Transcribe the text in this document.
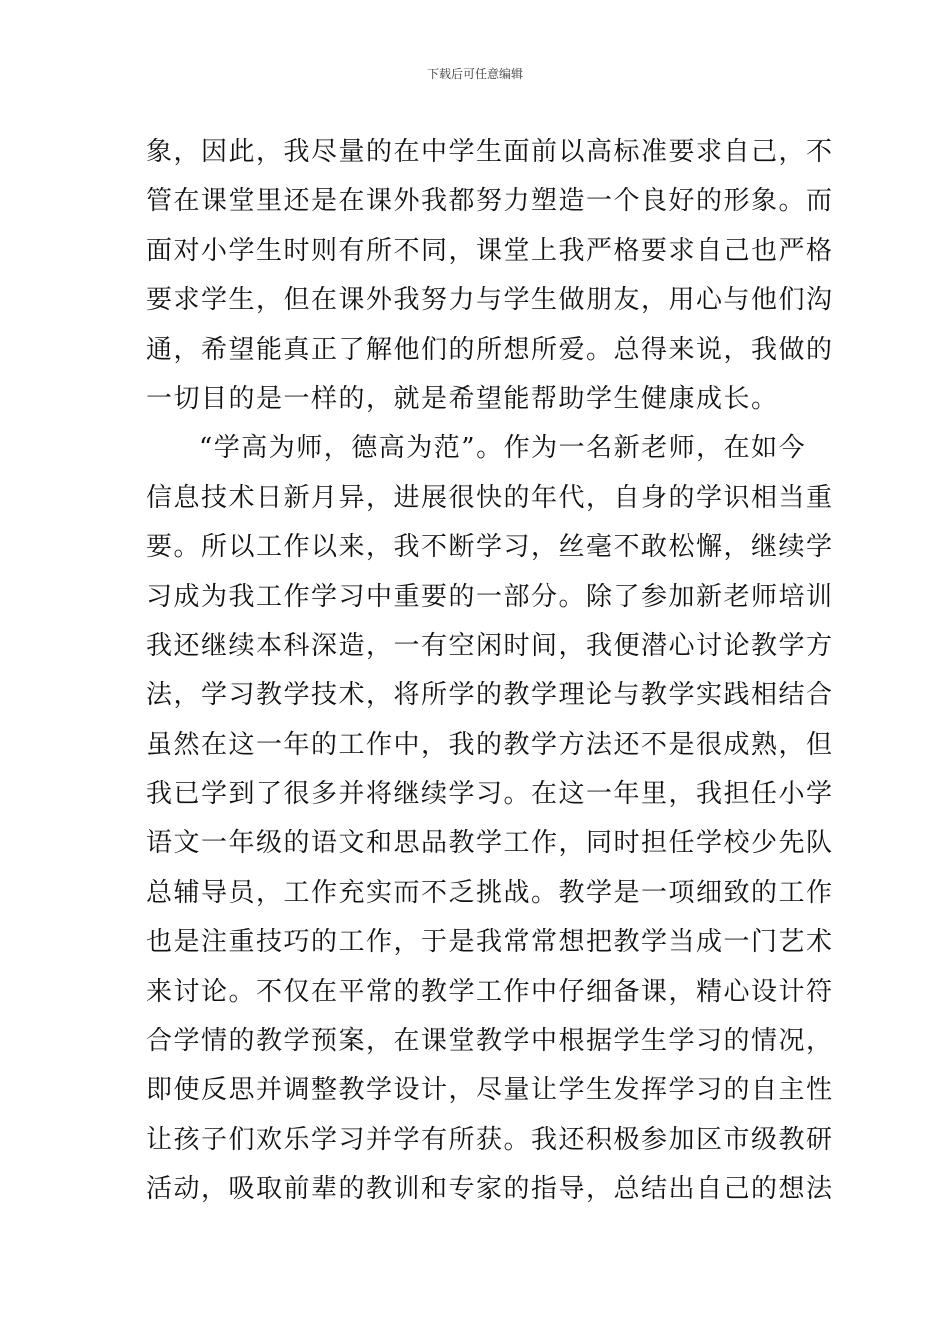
下载后可任意编辑
象，因此，我尽量的在中学生面前以高标准要求自己，不
管在课堂里还是在课外我都努力塑造一个良好的形象。而
面对小学生时则有所不同，课堂上我严格要求自己也严格
要求学生，但在课外我努力与学生做朋友，用心与他们沟
通，希望能真正了解他们的所想所爱。总得来说，我做的
一切目的是一样的，就是希望能帮助学生健康成长。
“学高为师，德高为范”。作为一名新老师，在如今
信息技术日新月异，进展很快的年代，自身的学识相当重
要。所以工作以来，我不断学习，丝毫不敢松懈，继续学
习成为我工作学习中重要的一部分。除了参加新老师培训
我还继续本科深造，一有空闲时间，我便潜心讨论教学方
法，学习教学技术，将所学的教学理论与教学实践相结合
虽然在这一年的工作中，我的教学方法还不是很成熟，但
我已学到了很多并将继续学习。在这一年里，我担任小学
语文一年级的语文和思品教学工作，同时担任学校少先队
总辅导员，工作充实而不乏挑战。教学是一项细致的工作
也是注重技巧的工作，于是我常常想把教学当成一门艺术
来讨论。不仅在平常的教学工作中仔细备课，精心设计符
合学情的教学预案，在课堂教学中根据学生学习的情况，
即使反思并调整教学设计，尽量让学生发挥学习的自主性
让孩子们欢乐学习并学有所获。我还积极参加区市级教研
活动，吸取前辈的教训和专家的指导，总结出自己的想法
